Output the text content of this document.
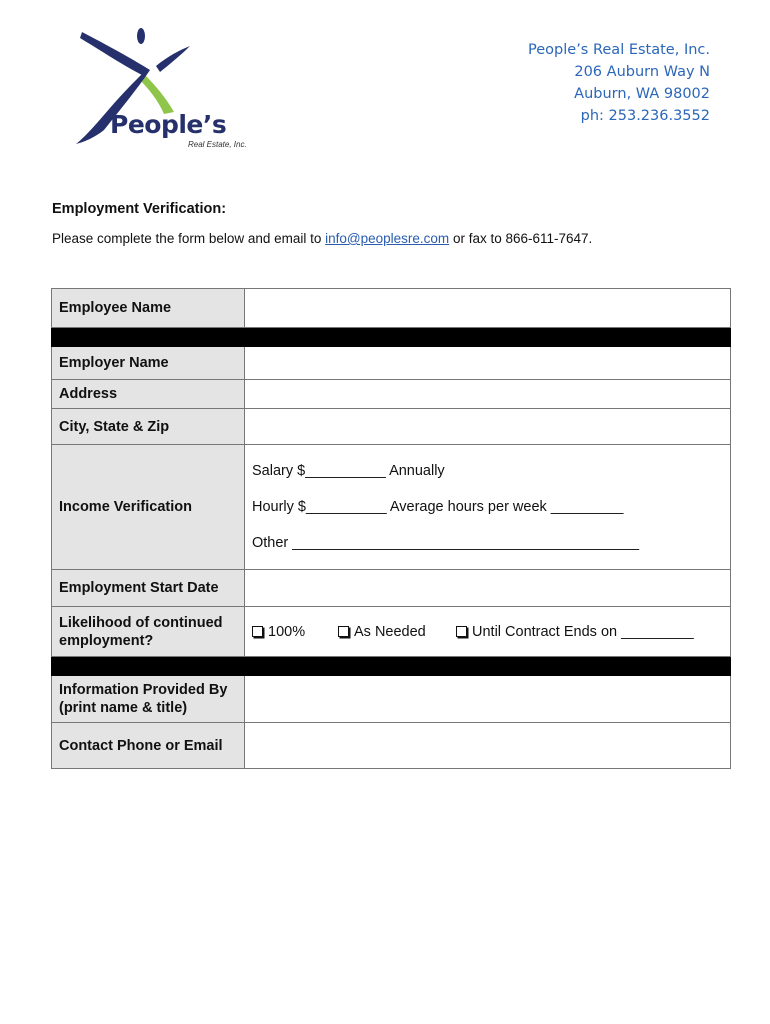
People’s
Real Estate, Inc.
People’s Real Estate, Inc.
206 Auburn Way N
Auburn, WA 98002
ph: 253.236.3552
Employment Verification:
Please complete the form below and email to info@peoplesre.com or fax to 866-611-7647.
Employee Name	

Employer Name	
Address	
City, State & Zip	
Income Verification	Salary $__________ Annually

Hourly $__________ Average hours per week _________

Other ___________________________________________

Employment Start Date	
Likelihood of continued employment?	100% As Needed Until Contract Ends on _________

Information Provided By (print name & title)	
Contact Phone or Email	
